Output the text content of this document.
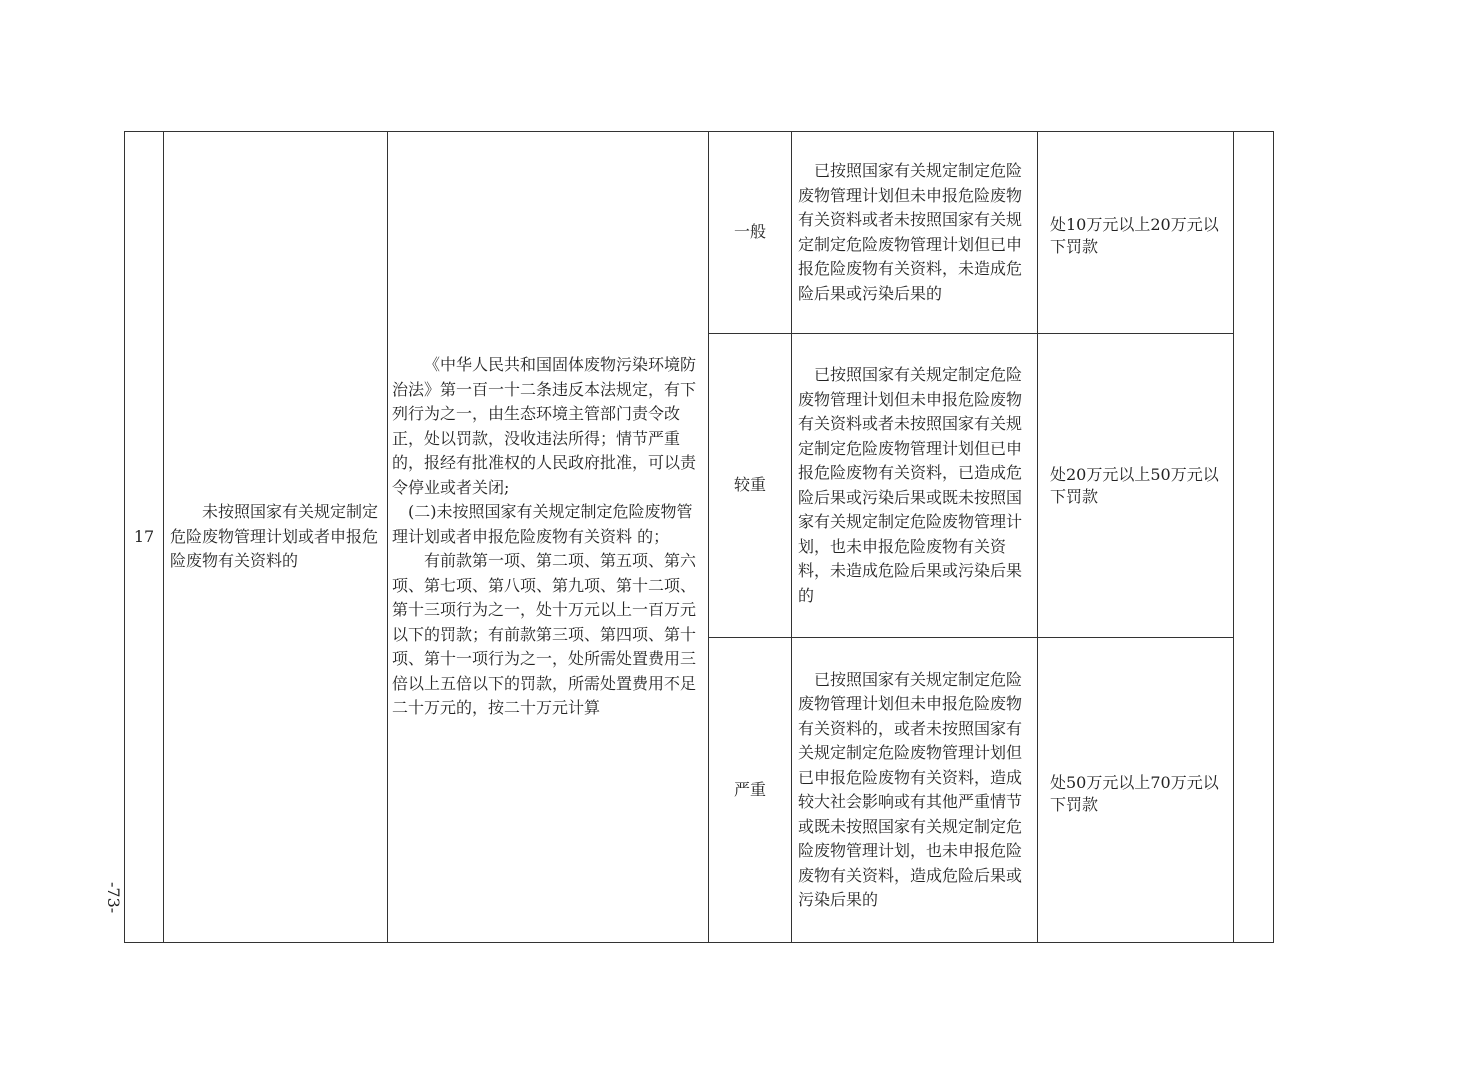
17	未按照国家有关规定制定危险废物管理计划或者申报危险废物有关资料的	《中华人民共和国固体废物污染环境防治法》第一百一十二条违反本法规定，有下列行为之一，由生态环境主管部门责令改正，处以罚款，没收违法所得；情节严重的，报经有批准权的人民政府批准，可以责令停业或者关闭;

(二)未按照国家有关规定制定危险废物管理计划或者申报危险废物有关资料 的；

有前款第一项、第二项、第五项、第六项、第七项、第八项、第九项、第十二项、第十三项行为之一，处十万元以上一百万元以下的罚款；有前款第三项、第四项、第十项、第十一项行为之一，处所需处置费用三倍以上五倍以下的罚款，所需处置费用不足二十万元的，按二十万元计算	一般	已按照国家有关规定制定危险废物管理计划但未申报危险废物有关资料或者未按照国家有关规定制定危险废物管理计划但已申报危险废物有关资料，未造成危险后果或污染后果的	处10万元以上20万元以下罚款	
			较重	已按照国家有关规定制定危险废物管理计划但未申报危险废物有关资料或者未按照国家有关规定制定危险废物管理计划但已申报危险废物有关资料，已造成危险后果或污染后果或既未按照国家有关规定制定危险废物管理计划，也未申报危险废物有关资料，未造成危险后果或污染后果的	处20万元以上50万元以下罚款	
			严重	已按照国家有关规定制定危险废物管理计划但未申报危险废物有关资料的，或者未按照国家有关规定制定危险废物管理计划但已申报危险废物有关资料，造成较大社会影响或有其他严重情节或既未按照国家有关规定制定危险废物管理计划，也未申报危险废物有关资料，造成危险后果或污染后果的	处50万元以上70万元以下罚款	
-73-
